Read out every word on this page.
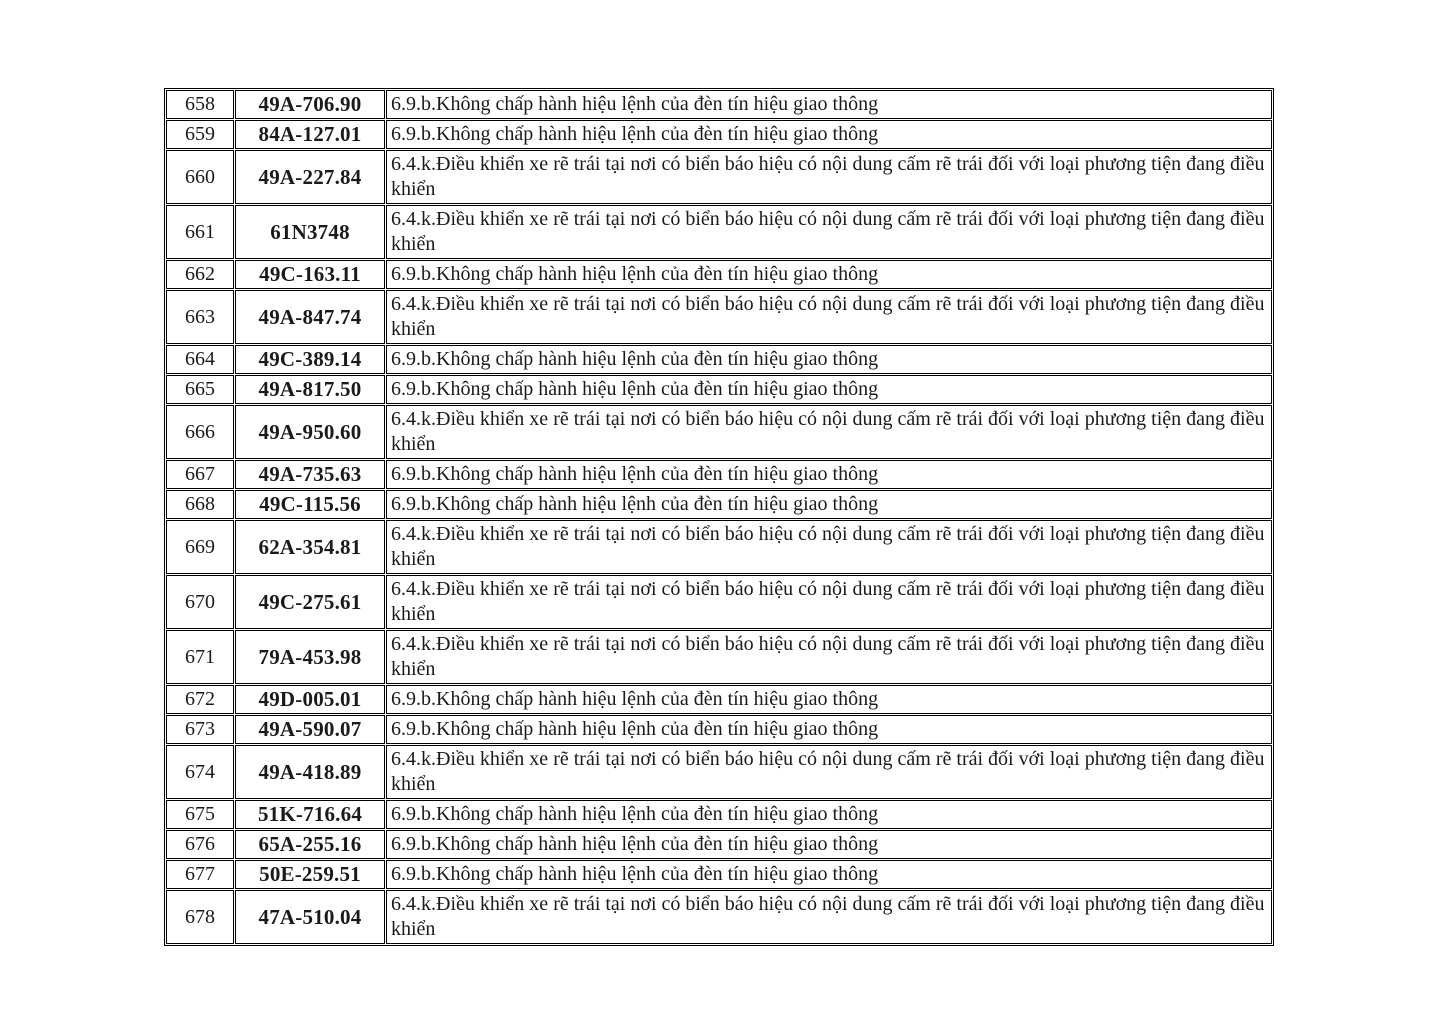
658	49A-706.90	6.9.b.Không chấp hành hiệu lệnh của đèn tín hiệu giao thông
659	84A-127.01	6.9.b.Không chấp hành hiệu lệnh của đèn tín hiệu giao thông
660	49A-227.84	6.4.k.Điều khiển xe rẽ trái tại nơi có biển báo hiệu có nội dung cấm rẽ trái đối với loại phương tiện đang điều khiển
661	61N3748	6.4.k.Điều khiển xe rẽ trái tại nơi có biển báo hiệu có nội dung cấm rẽ trái đối với loại phương tiện đang điều khiển
662	49C-163.11	6.9.b.Không chấp hành hiệu lệnh của đèn tín hiệu giao thông
663	49A-847.74	6.4.k.Điều khiển xe rẽ trái tại nơi có biển báo hiệu có nội dung cấm rẽ trái đối với loại phương tiện đang điều khiển
664	49C-389.14	6.9.b.Không chấp hành hiệu lệnh của đèn tín hiệu giao thông
665	49A-817.50	6.9.b.Không chấp hành hiệu lệnh của đèn tín hiệu giao thông
666	49A-950.60	6.4.k.Điều khiển xe rẽ trái tại nơi có biển báo hiệu có nội dung cấm rẽ trái đối với loại phương tiện đang điều khiển
667	49A-735.63	6.9.b.Không chấp hành hiệu lệnh của đèn tín hiệu giao thông
668	49C-115.56	6.9.b.Không chấp hành hiệu lệnh của đèn tín hiệu giao thông
669	62A-354.81	6.4.k.Điều khiển xe rẽ trái tại nơi có biển báo hiệu có nội dung cấm rẽ trái đối với loại phương tiện đang điều khiển
670	49C-275.61	6.4.k.Điều khiển xe rẽ trái tại nơi có biển báo hiệu có nội dung cấm rẽ trái đối với loại phương tiện đang điều khiển
671	79A-453.98	6.4.k.Điều khiển xe rẽ trái tại nơi có biển báo hiệu có nội dung cấm rẽ trái đối với loại phương tiện đang điều khiển
672	49D-005.01	6.9.b.Không chấp hành hiệu lệnh của đèn tín hiệu giao thông
673	49A-590.07	6.9.b.Không chấp hành hiệu lệnh của đèn tín hiệu giao thông
674	49A-418.89	6.4.k.Điều khiển xe rẽ trái tại nơi có biển báo hiệu có nội dung cấm rẽ trái đối với loại phương tiện đang điều khiển
675	51K-716.64	6.9.b.Không chấp hành hiệu lệnh của đèn tín hiệu giao thông
676	65A-255.16	6.9.b.Không chấp hành hiệu lệnh của đèn tín hiệu giao thông
677	50E-259.51	6.9.b.Không chấp hành hiệu lệnh của đèn tín hiệu giao thông
678	47A-510.04	6.4.k.Điều khiển xe rẽ trái tại nơi có biển báo hiệu có nội dung cấm rẽ trái đối với loại phương tiện đang điều khiển
